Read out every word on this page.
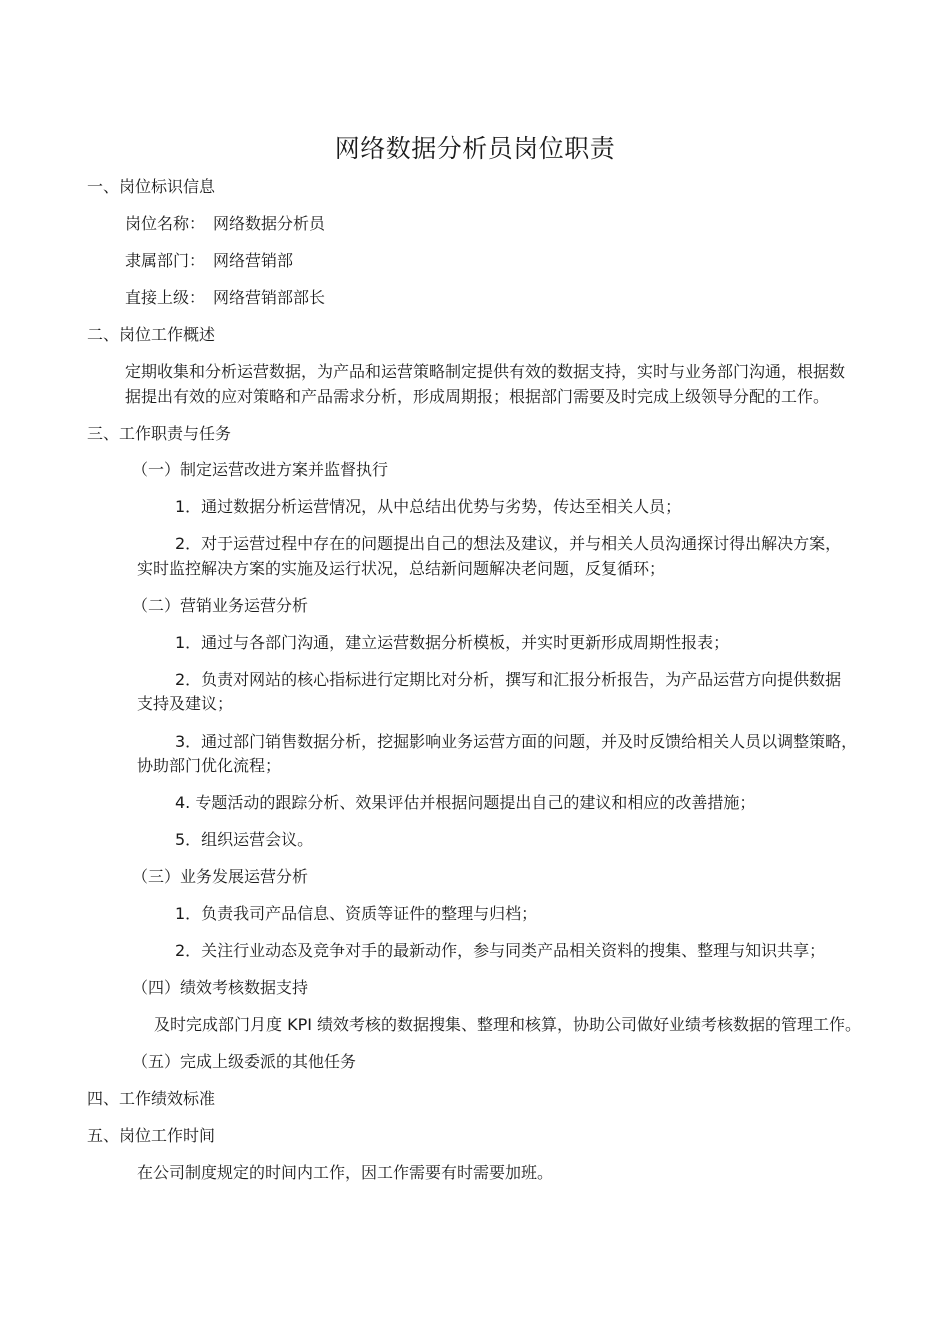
网络数据分析员岗位职责
一、岗位标识信息
岗位名称： 网络数据分析员
隶属部门： 网络营销部
直接上级： 网络营销部部长
二、岗位工作概述
定期收集和分析运营数据，为产品和运营策略制定提供有效的数据支持，实时与业务部门沟通，根据数
据提出有效的应对策略和产品需求分析，形成周期报；根据部门需要及时完成上级领导分配的工作。
三、工作职责与任务
（一）制定运营改进方案并监督执行
1．通过数据分析运营情况，从中总结出优势与劣势，传达至相关人员；
2．对于运营过程中存在的问题提出自己的想法及建议，并与相关人员沟通探讨得出解决方案，
实时监控解决方案的实施及运行状况，总结新问题解决老问题，反复循环；
（二）营销业务运营分析
1．通过与各部门沟通，建立运营数据分析模板，并实时更新形成周期性报表；
2．负责对网站的核心指标进行定期比对分析，撰写和汇报分析报告，为产品运营方向提供数据
支持及建议；
3．通过部门销售数据分析，挖掘影响业务运营方面的问题，并及时反馈给相关人员以调整策略，
协助部门优化流程；
4. 专题活动的跟踪分析、效果评估并根据问题提出自己的建议和相应的改善措施；
5．组织运营会议。
（三）业务发展运营分析
1．负责我司产品信息、资质等证件的整理与归档；
2．关注行业动态及竞争对手的最新动作，参与同类产品相关资料的搜集、整理与知识共享；
（四）绩效考核数据支持
及时完成部门月度 KPI 绩效考核的数据搜集、整理和核算，协助公司做好业绩考核数据的管理工作。
（五）完成上级委派的其他任务
四、工作绩效标准
五、岗位工作时间
在公司制度规定的时间内工作，因工作需要有时需要加班。
